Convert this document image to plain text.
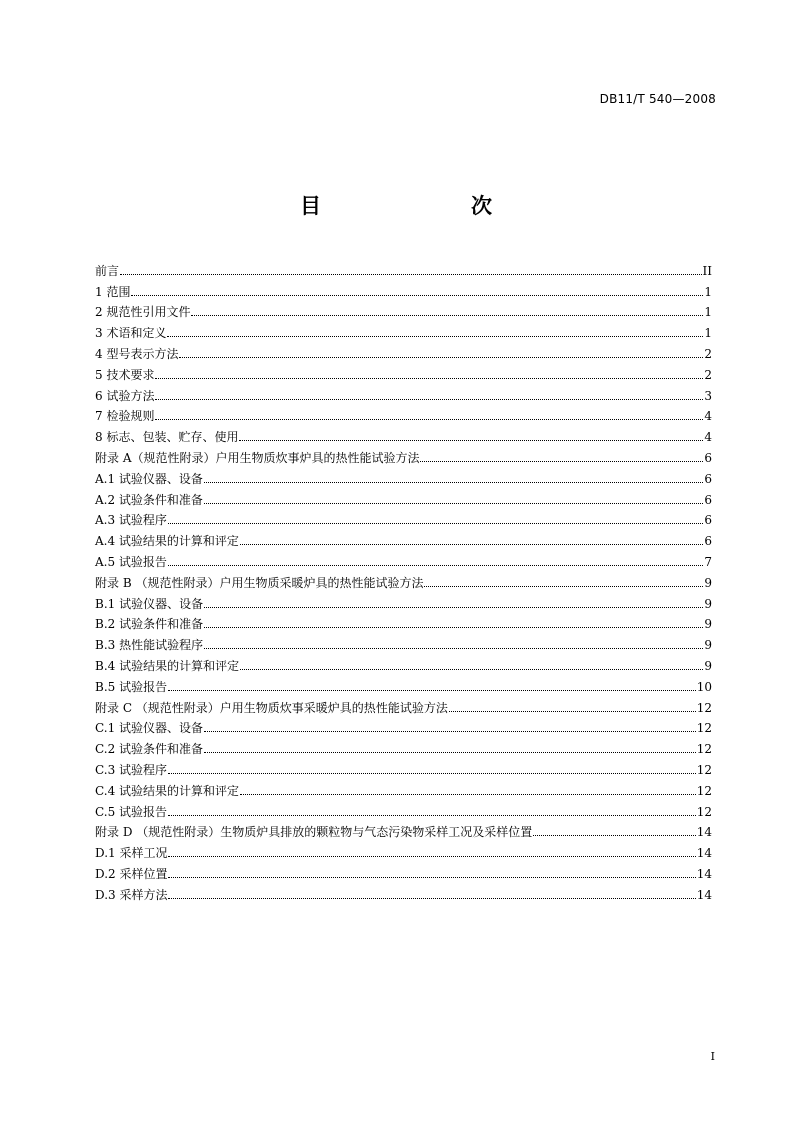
DB11/T 540—2008
目　　次
前言	II
1 范围	1
2 规范性引用文件	1
3 术语和定义	1
4 型号表示方法	2
5 技术要求	2
6 试验方法	3
7 检验规则	4
8 标志、包装、贮存、使用	4
附录 A（规范性附录）户用生物质炊事炉具的热性能试验方法	6
A.1 试验仪器、设备	6
A.2 试验条件和准备	6
A.3 试验程序	6
A.4 试验结果的计算和评定	6
A.5 试验报告	7
附录 B （规范性附录）户用生物质采暖炉具的热性能试验方法	9
B.1 试验仪器、设备	9
B.2 试验条件和准备	9
B.3 热性能试验程序	9
B.4 试验结果的计算和评定	9
B.5 试验报告	10
附录 C （规范性附录）户用生物质炊事采暖炉具的热性能试验方法	12
C.1 试验仪器、设备	12
C.2 试验条件和准备	12
C.3 试验程序	12
C.4 试验结果的计算和评定	12
C.5 试验报告	12
附录 D （规范性附录）生物质炉具排放的颗粒物与气态污染物采样工况及采样位置	14
D.1 采样工况	14
D.2 采样位置	14
D.3 采样方法	14
I
